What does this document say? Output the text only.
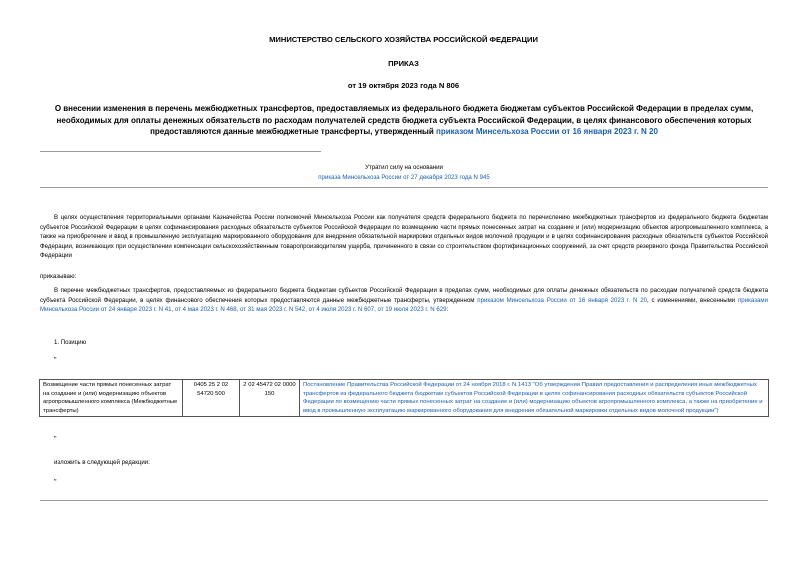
МИНИСТЕРСТВО СЕЛЬСКОГО ХОЗЯЙСТВА РОССИЙСКОЙ ФЕДЕРАЦИИ
ПРИКАЗ
от 19 октября 2023 года N 806
О внесении изменения в перечень межбюджетных трансфертов, предоставляемых из федерального бюджета бюджетам субъектов Российской Федерации в пределах сумм, необходимых для оплаты денежных обязательств по расходам получателей средств бюджета субъекта Российской Федерации, в целях финансового обеспечения которых предоставляются данные межбюджетные трансферты, утвержденный приказом Минсельхоза России от 16 января 2023 г. N 20
Утратил силу на основании
приказа Минсельхоза России от 27 декабря 2023 года N 945
В целях осуществления территориальными органами Казначейства России полномочий Минсельхоза России как получателя средств федерального бюджета по перечислению межбюджетных трансфертов из федерального бюджета бюджетам субъектов Российской Федерации в целях софинансирования расходных обязательств субъектов Российской Федерации по возмещению части прямых понесенных затрат на создание и (или) модернизацию объектов агропромышленного комплекса, а также на приобретение и ввод в промышленную эксплуатацию маркированного оборудования для внедрения обязательной маркировки отдельных видов молочной продукции и в целях софинансирования расходных обязательств субъектов Российской Федерации, возникающих при осуществлении компенсации сельскохозяйственным товаропроизводителям ущерба, причиненного в связи со строительством фортификационных сооружений, за счет средств резервного фонда Правительства Российской Федерации
приказываю:
В перечне межбюджетных трансфертов, предоставляемых из федерального бюджета бюджетам субъектов Российской Федерации в пределах сумм, необходимых для оплаты денежных обязательств по расходам получателей средств бюджета субъекта Российской Федерации, в целях финансового обеспечения которых предоставляются данные межбюджетные трансферты, утвержденном приказом Минсельхоза России от 16 января 2023 г. N 20, с изменениями, внесенными приказами Минсельхоза России от 24 января 2023 г. N 41, от 4 мая 2023 г. N 468, от 31 мая 2023 г. N 542, от 4 июля 2023 г. N 607, от 19 июля 2023 г. N 629:
1. Позицию
"
Возмещение части прямых понесенных затрат на создание и (или) модернизацию объектов агропромышленного комплекса (Межбюджетные трансферты)	0405 25 2 02 54720 500	2 02 45472 02 0000 150	Постановление Правительства Российской Федерации от 24 ноября 2018 г. N 1413 "Об утверждении Правил предоставления и распределения иных межбюджетных трансфертов из федерального бюджета бюджетам субъектов Российской Федерации в целях софинансирования расходных обязательств субъектов Российской Федерации по возмещению части прямых понесенных затрат на создание и (или) модернизацию объектов агропромышленного комплекса, а также на приобретение и ввод в промышленную эксплуатацию маркированного оборудования для внедрения обязательной маркировки отдельных видов молочной продукции")
"
изложить в следующей редакции:
"
